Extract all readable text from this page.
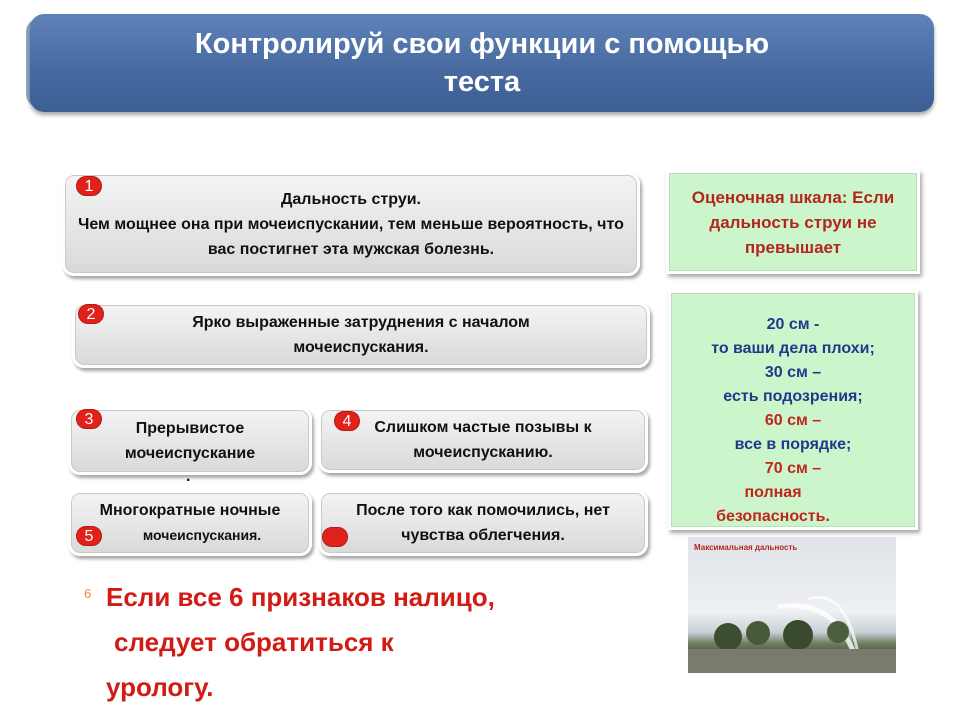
Контролируй свои функции с помощью теста
Дальность струи.
Чем мощнее она при мочеиспускании, тем меньше вероятность, что вас постигнет эта мужская болезнь.
1
Ярко выраженные затруднения с началом мочеиспускания.
2
Прерывистое мочеиспускание
.
3	Слишком частые позывы к мочеиспусканию.
4
Многократные ночные
мочеиспускания.
5
После того как помочились, нет чувства облегчения.
Оценочная шкала: Если дальность струи не превышает
20 см -
то ваши дела плохи;
30 см –
есть подозрения;
60 см –
все в порядке;
70 см –
полная
безопасность.
Максимальная дальность
6 Если все 6 признаков налицо,
следует обратиться к
урологу.
